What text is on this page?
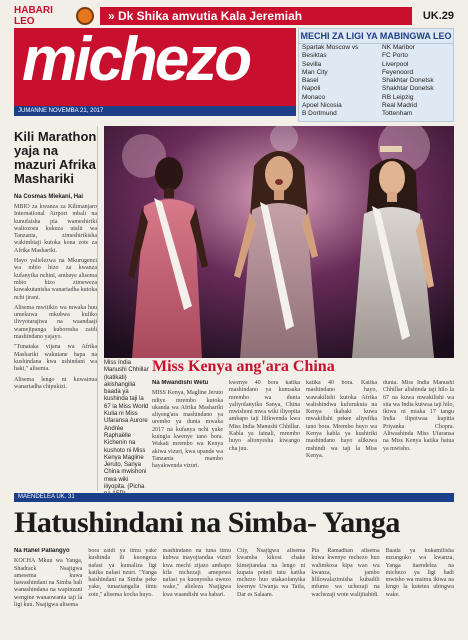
HABARI LEO	» Dk Shika amvutia Kala Jeremiah	UK.29
michezo
JUMANNE NOVEMBA 21, 2017
MECHI ZA LIGI YA MABINGWA LEO
Spartak Moscow vs	NK Maribor
Besiktas	FC Porto
Sevilla	Liverpool
Man City	Feyenoord
Basel	Shakhtar Donetsk
Napoli	Shakhtar Donetsk
Monaco	RB Leipzig
Apoel Nicosia	Real Madrid
B Dortmund	Tottenham
Kili Marathon yaja na mazuri Afrika Mashariki
Na Cosmas Mlekani, Hai

MBIO za kwanza za Kilimanjaro International Airport mbali na kunufaisha pia wameshiriki waliozoea kukuza utalii wa Tanzania, zimeshirikisha wakimbiaji kutoka kona zote za Afrika Mashariki.

Hayo yalielezwa na Mkurugenzi wa mbio hizo za kwanza kufanyika nchini, ambaye alisema mbio hizo zimeweza kuwakutanisha wanariadha kutoka nchi jirani.

Alisema mwitikio wa mwaka huu umekuwa mkubwa kuliko ilivyotarajiwa na waandaaji wamejipanga kuboresha zaidi mashindano yajayo.

"Tunataka vijana wa Afrika Mashariki wakutane hapa na kushindana kwa ushindani wa haki," alisema.

Alisema lengo ni kuwainua wanariadha chipukizi.

Miss India Manushi Chhillar (katikati) akishangilia baada ya kushinda taji la 67 la Miss World Kulia ni Miss Ufaransa Aurore Andrée Raphaëlle Kichenin na kushoto ni Miss Kenya Magline Jeruto, Sanya China mwishoni mwa wiki iliyopita. (Picha
Miss Kenya ang'ara China
Na Mwandishi Wetu
MISS Kenya, Magline Jeruto ndiye mrembo kutoka ukanda wa Afrika Mashariki aliyeng'ara mashindano ya urembo ya dunia mwaka 2017 na kufanya nchi yake kuingia kwenye tano bora. Wakati mrembo wa Kenya akiwa vizuri, kwa upande wa Tanzania mambo hayakwenda vizuri.
kwenye 40 bora katika mashindano ya kumsaka mrembo wa dunia yaliyofanyika Sanya, China mwishoni mwa wiki iliyopita ambapo taji lilikwenda kwa Miss India Manushi Chhillar. Kabla ya fainali, mrembo huyo alionyesha kiwango cha juu.
katika 40 bora. Katika mashindano hayo, wawakilishi kutoka Afrika walishindwa kufurukuta na Kenya ikabaki kuwa mwakilishi pekee aliyefika tano bora. Mrembo huyo wa Kenya kabla ya kushiriki mashindano hayo alikuwa mshindi wa taji la Miss Kenya.
dunia. Miss India Manushi Chhillar alishinda taji hilo la 67 na kuwa mwakilishi wa sita wa India kutwaa taji hilo, ikiwa ni miaka 17 tangu India ilipotwaa kupitia Priyanka Chopra. Aliwashinda Miss Ufaransa na Miss Kenya katika hatua ya mwisho.
MAENDELEA UK. 31
Hatushindani na Simba- Yanga
Na Rahel Pallangyo
KOCHA Mkuu wa Yanga, Shadrack Nsajigwa amesema kuwa hawashindani na Simba bali wanashindana na wapinzani wengine wanaowania taji la ligi kuu. Nsajigwa alisema
bora zaidi ya timu yake kushinda ili kuongeza nafasi ya kumaliza ligi katika nafasi nzuri. "Yanga haishindani na Simba peke yake, tunaziangalia timu zote," alisema kocha huyo.
mashindano na tuna timu kubwa inayojiandaa vizuri kwa mechi zijazo ambapo kila mchezaji amepewa nafasi ya kuonyesha uwezo wake," alieleza Nsajigwa kwa waandishi wa habari.
City, Nsajigwa alisema kwamba kikosi chake kimejiandaa na lengo ni kupata pointi tatu katika mchezo huo utakaofanyika kwenye Uwanja wa Taifa, Dar es Salaam.
Pia Ramadhan alisema kuwa kwenye mchezo huo walimkosa kipa wao wa kwanza, jambo lililowalazimisha kubadili mfumo wa uchezaji na wachezaji wote walijitahidi.
Baada ya kukamilisha mzunguko wa kwanza, Yanga itaendelea na michezo ya ligi hadi mwisho wa msimu ikiwa na lengo la kutetea ubingwa wake.
